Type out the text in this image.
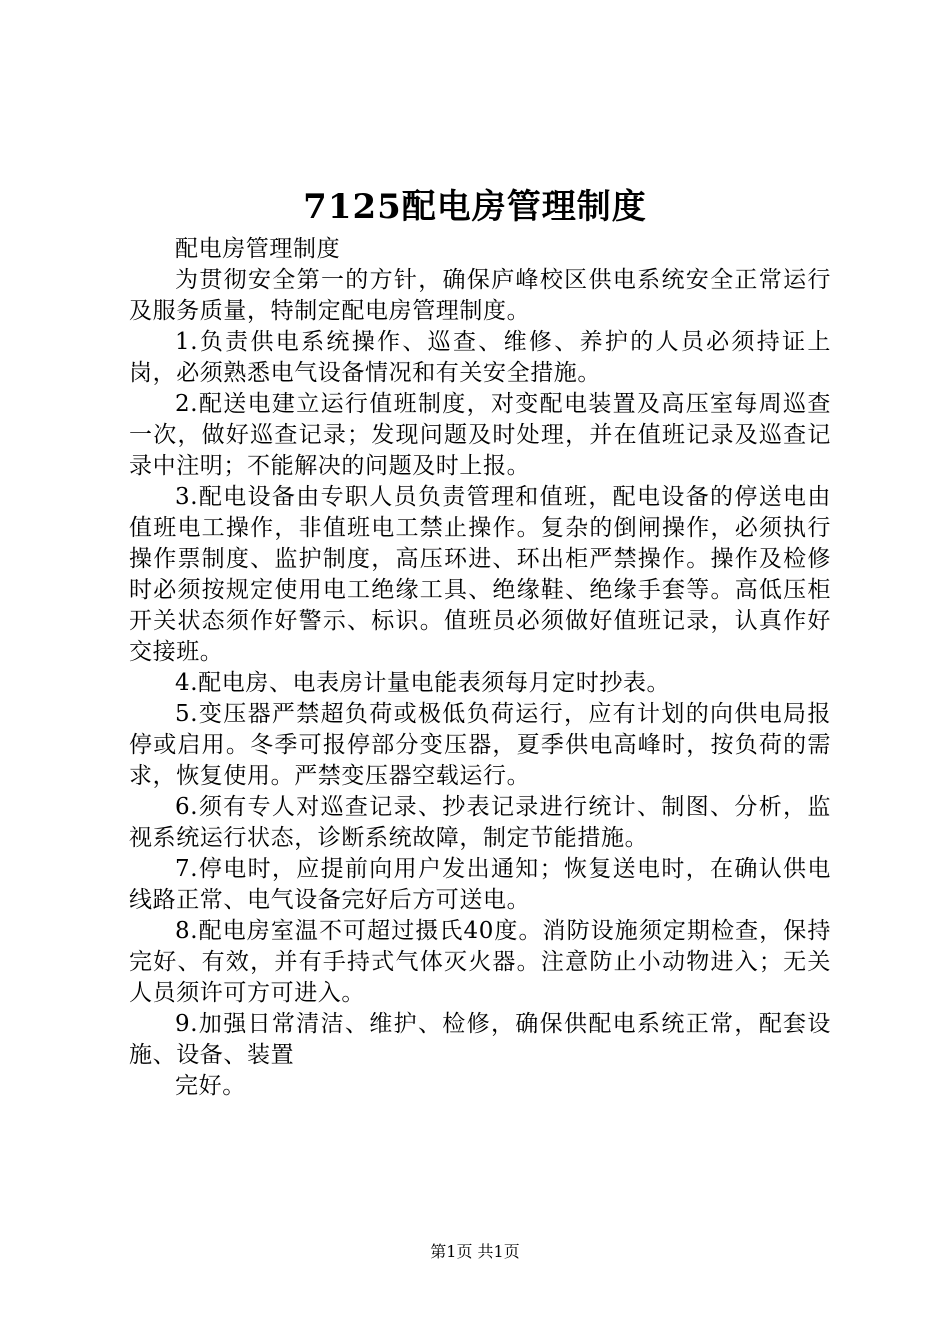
7125配电房管理制度

配电房管理制度

为贯彻安全第一的方针，确保庐峰校区供电系统安全正常运行及服务质量，特制定配电房管理制度。

1.负责供电系统操作、巡查、维修、养护的人员必须持证上岗，必须熟悉电气设备情况和有关安全措施。

2.配送电建立运行值班制度，对变配电装置及高压室每周巡查一次，做好巡查记录；发现问题及时处理，并在值班记录及巡查记录中注明；不能解决的问题及时上报。

3.配电设备由专职人员负责管理和值班，配电设备的停送电由值班电工操作，非值班电工禁止操作。复杂的倒闸操作，必须执行操作票制度、监护制度，高压环进、环出柜严禁操作。操作及检修时必须按规定使用电工绝缘工具、绝缘鞋、绝缘手套等。高低压柜开关状态须作好警示、标识。值班员必须做好值班记录，认真作好交接班。

4.配电房、电表房计量电能表须每月定时抄表。

5.变压器严禁超负荷或极低负荷运行，应有计划的向供电局报停或启用。冬季可报停部分变压器，夏季供电高峰时，按负荷的需求，恢复使用。严禁变压器空载运行。

6.须有专人对巡查记录、抄表记录进行统计、制图、分析，监视系统运行状态，诊断系统故障，制定节能措施。

7.停电时，应提前向用户发出通知；恢复送电时，在确认供电线路正常、电气设备完好后方可送电。

8.配电房室温不可超过摄氏40度。消防设施须定期检查，保持完好、有效，并有手持式气体灭火器。注意防止小动物进入；无关人员须许可方可进入。

9.加强日常清洁、维护、检修，确保供配电系统正常，配套设施、设备、装置

完好。

第1页 共1页
